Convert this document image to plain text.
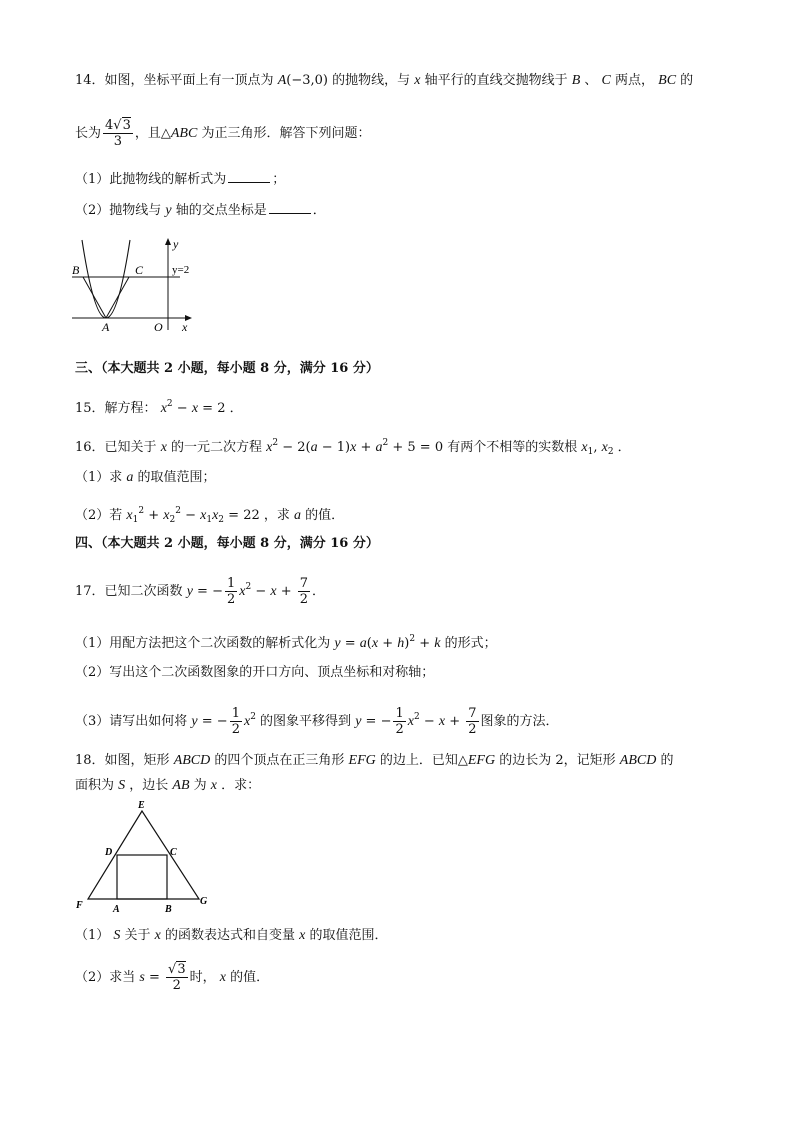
14．如图，坐标平面上有一顶点为 A(−3,0) 的抛物线，与 x 轴平行的直线交抛物线于 B 、 C 两点， BC 的
长为 $\frac{4√3}{3}$ ，且△ABC 为正三角形．解答下列问题：
（1）此抛物线的解析式为	；
（2）抛物线与 y 轴的交点坐标是	．
B	C
A	O x
y
y=2
三、（本大题共 2 小题，每小题 8 分，满分 16 分）
15．解方程： $x^2 - x = 2$ ．
16．已知关于 x 的一元二次方程 $x^2 - 2(a - 1)x + a^2 + 5 = 0$ 有两个不相等的实数根 $x_1$, $x_2$ ．
（1）求 a 的取值范围；
（2）若 $x_1^2 + x_2^2 - x_1x_2 = 22$ ，求 a 的值．
四、（本大题共 2 小题，每小题 8 分，满分 16 分）
17．已知二次函数 y = − $\frac{1}{2} x^2 - x + \frac{7}{2}$ ．
（1）用配方法把这个二次函数的解析式化为 $y = a(x + h)^2 + k$ 的形式；
（2）写出这个二次函数图象的开口方向、顶点坐标和对称轴；
（3）请写出如何将 y = − $\frac{1}{2} x^2$ 的图象平移得到 y = − $\frac{1}{2} x^2 - x + \frac{7}{2}$ 图象的方法．
18．如图，矩形 ABCD 的四个顶点在正三角形 EFG 的边上．已知△EFG 的边长为 2，记矩形 ABCD 的
面积为 S ，边长 AB 为 x ．求：
E
D	C
F	A	B
G
（1） S 关于 x 的函数表达式和自变量 x 的取值范围．
（2）求当 $s = \frac{√3}{2}$ 时， x 的值．
